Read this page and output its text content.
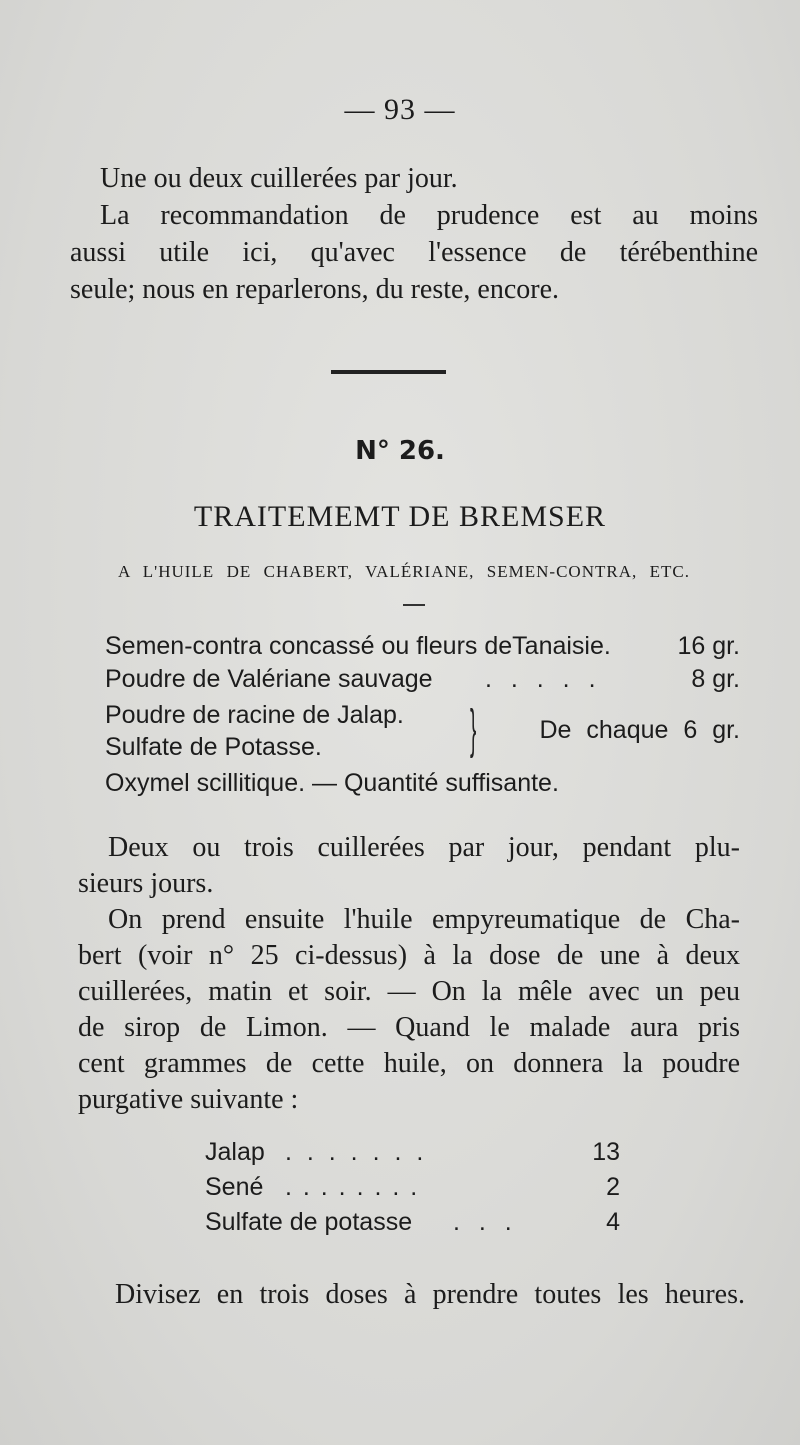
— 93 —
Une ou deux cuillerées par jour.
La recommandation de prudence est au moins
aussi utile ici, qu'avec l'essence de térébenthine
seule; nous en reparlerons, du reste, encore.
N° 26.
TRAITEMEMT DE BREMSER
A L'HUILE DE CHABERT, VALÉRIANE, SEMEN-CONTRA, ETC.
Semen-contra concassé ou fleurs deTanaisie.	16 gr.
Poudre de Valériane sauvage . . . . .	8 gr.
Poudre de racine de Jalap.
Sulfate de Potasse.	}	De chaque 6 gr.
Oxymel scillitique. — Quantité suffisante.
Deux ou trois cuillerées par jour, pendant plu-
sieurs jours.
On prend ensuite l'huile empyreumatique de Cha-
bert (voir n° 25 ci-dessus) à la dose de une à deux
cuillerées, matin et soir. — On la mêle avec un peu
de sirop de Limon. — Quand le malade aura pris
cent grammes de cette huile, on donnera la poudre
purgative suivante :
Jalap . . . . . . .	13
Sené . . . . . . . .	2
Sulfate de potasse . . .	4
Divisez en trois doses à prendre toutes les heures.
